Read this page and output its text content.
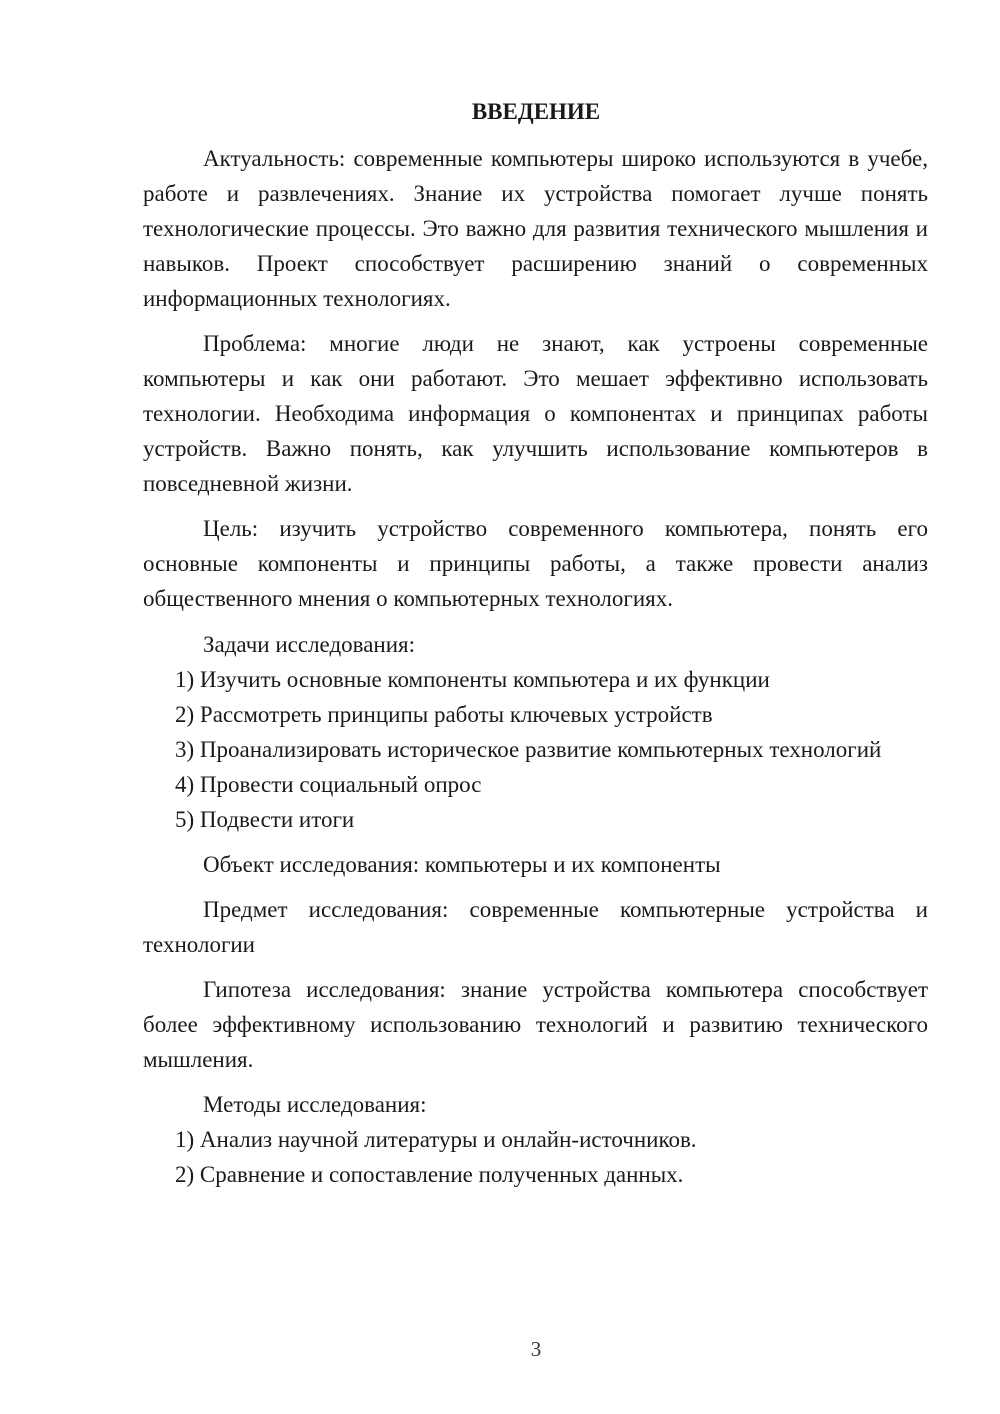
ВВЕДЕНИЕ

Актуальность: современные компьютеры широко используются в учебе, работе и развлечениях. Знание их устройства помогает лучше понять технологические процессы. Это важно для развития технического мышления и навыков. Проект способствует расширению знаний о современных информационных технологиях.

Проблема: многие люди не знают, как устроены современные компьютеры и как они работают. Это мешает эффективно использовать технологии. Необходима информация о компонентах и принципах работы устройств. Важно понять, как улучшить использование компьютеров в повседневной жизни.

Цель: изучить устройство современного компьютера, понять его основные компоненты и принципы работы, а также провести анализ общественного мнения о компьютерных технологиях.

Задачи исследования:

1) Изучить основные компоненты компьютера и их функции

2) Рассмотреть принципы работы ключевых устройств

3) Проанализировать историческое развитие компьютерных технологий

4) Провести социальный опрос

5) Подвести итоги

Объект исследования: компьютеры и их компоненты

Предмет исследования: современные компьютерные устройства и технологии

Гипотеза исследования: знание устройства компьютера способствует более эффективному использованию технологий и развитию технического мышления.

Методы исследования:

1) Анализ научной литературы и онлайн-источников.

2) Сравнение и сопоставление полученных данных.

3
